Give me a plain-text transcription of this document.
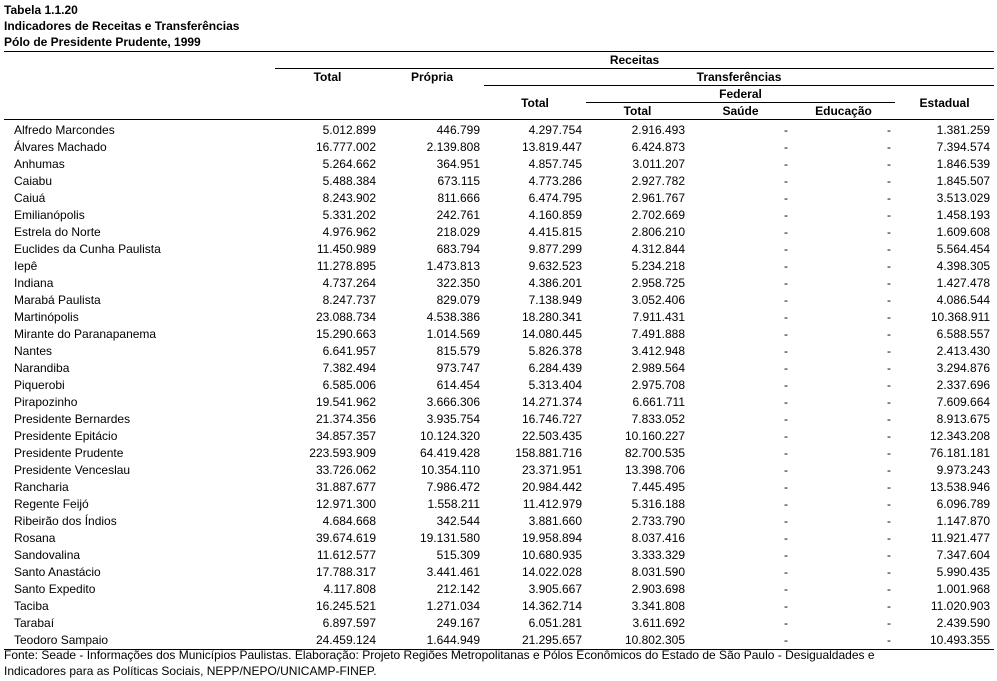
Tabela 1.1.20
Indicadores de Receitas e Transferências
Pólo de Presidente Prudente, 1999
	Receitas						
	Total	Própria	Transferências				
			Total	Federal			Estadual
				Total	Saúde	Educação	

Alfredo Marcondes	5.012.899	446.799	4.297.754	2.916.493	-	-	1.381.259
Álvares Machado	16.777.002	2.139.808	13.819.447	6.424.873	-	-	7.394.574
Anhumas	5.264.662	364.951	4.857.745	3.011.207	-	-	1.846.539
Caiabu	5.488.384	673.115	4.773.286	2.927.782	-	-	1.845.507
Caiuá	8.243.902	811.666	6.474.795	2.961.767	-	-	3.513.029
Emilianópolis	5.331.202	242.761	4.160.859	2.702.669	-	-	1.458.193
Estrela do Norte	4.976.962	218.029	4.415.815	2.806.210	-	-	1.609.608
Euclides da Cunha Paulista	11.450.989	683.794	9.877.299	4.312.844	-	-	5.564.454
Iepê	11.278.895	1.473.813	9.632.523	5.234.218	-	-	4.398.305
Indiana	4.737.264	322.350	4.386.201	2.958.725	-	-	1.427.478
Marabá Paulista	8.247.737	829.079	7.138.949	3.052.406	-	-	4.086.544
Martinópolis	23.088.734	4.538.386	18.280.341	7.911.431	-	-	10.368.911
Mirante do Paranapanema	15.290.663	1.014.569	14.080.445	7.491.888	-	-	6.588.557
Nantes	6.641.957	815.579	5.826.378	3.412.948	-	-	2.413.430
Narandiba	7.382.494	973.747	6.284.439	2.989.564	-	-	3.294.876
Piquerobi	6.585.006	614.454	5.313.404	2.975.708	-	-	2.337.696
Pirapozinho	19.541.962	3.666.306	14.271.374	6.661.711	-	-	7.609.664
Presidente Bernardes	21.374.356	3.935.754	16.746.727	7.833.052	-	-	8.913.675
Presidente Epitácio	34.857.357	10.124.320	22.503.435	10.160.227	-	-	12.343.208
Presidente Prudente	223.593.909	64.419.428	158.881.716	82.700.535	-	-	76.181.181
Presidente Venceslau	33.726.062	10.354.110	23.371.951	13.398.706	-	-	9.973.243
Rancharia	31.887.677	7.986.472	20.984.442	7.445.495	-	-	13.538.946
Regente Feijó	12.971.300	1.558.211	11.412.979	5.316.188	-	-	6.096.789
Ribeirão dos Índios	4.684.668	342.544	3.881.660	2.733.790	-	-	1.147.870
Rosana	39.674.619	19.131.580	19.958.894	8.037.416	-	-	11.921.477
Sandovalina	11.612.577	515.309	10.680.935	3.333.329	-	-	7.347.604
Santo Anastácio	17.788.317	3.441.461	14.022.028	8.031.590	-	-	5.990.435
Santo Expedito	4.117.808	212.142	3.905.667	2.903.698	-	-	1.001.968
Taciba	16.245.521	1.271.034	14.362.714	3.341.808	-	-	11.020.903
Tarabaí	6.897.597	249.167	6.051.281	3.611.692	-	-	2.439.590
Teodoro Sampaio	24.459.124	1.644.949	21.295.657	10.802.305	-	-	10.493.355
Fonte: Seade - Informações dos Municípios Paulistas. Elaboração: Projeto Regiões Metropolitanas e Pólos Econômicos do Estado de São Paulo - Desigualdades e
Indicadores para as Políticas Sociais, NEPP/NEPO/UNICAMP-FINEP.
